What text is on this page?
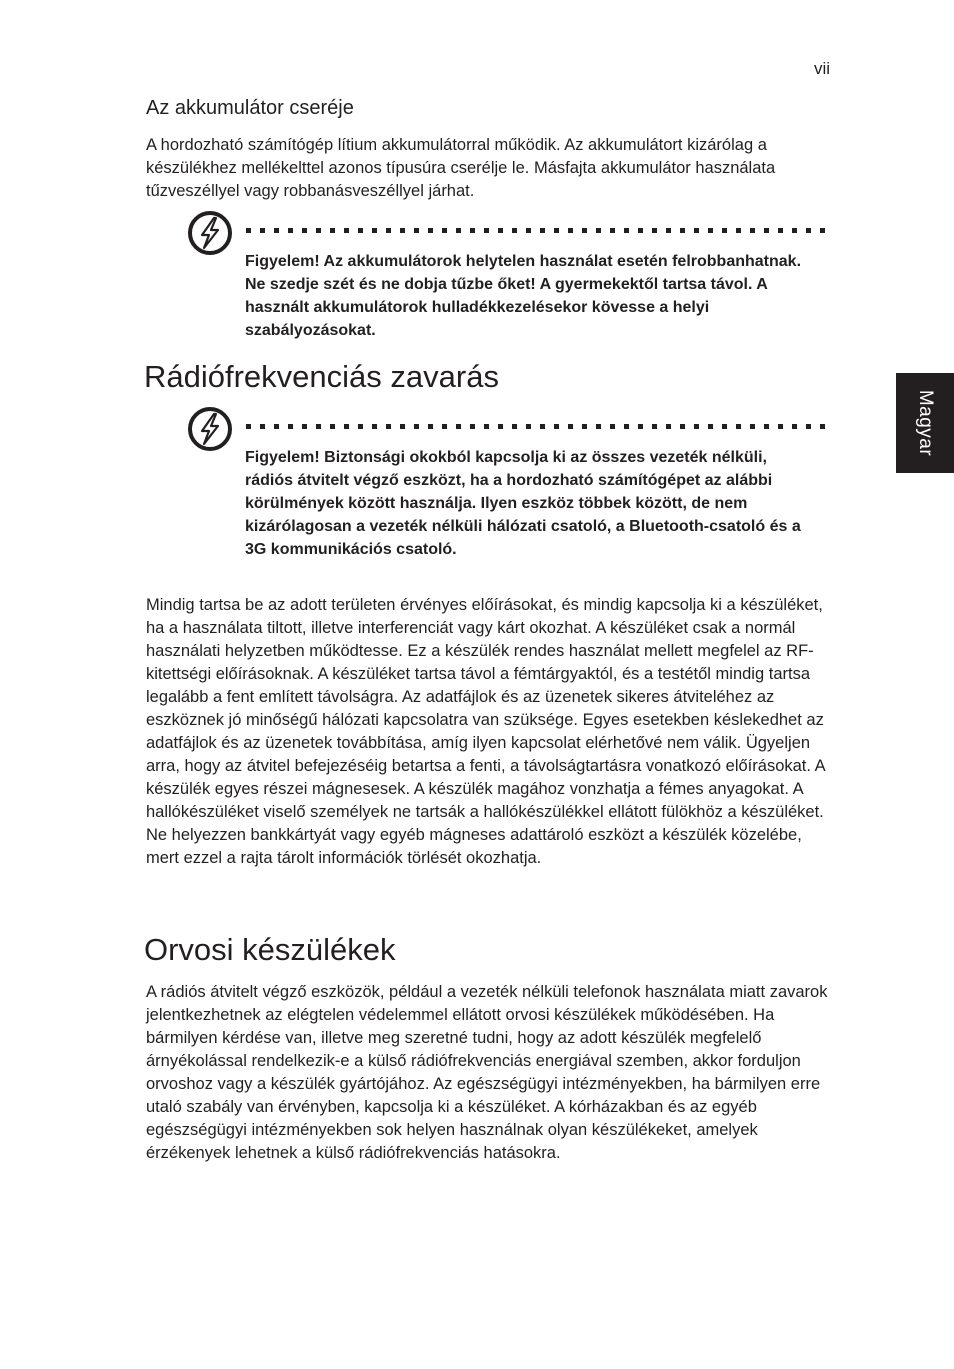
vii
Magyar
Az akkumulátor cseréje

A hordozható számítógép lítium akkumulátorral működik. Az akkumulátort kizárólag a készülékhez mellékelttel azonos típusúra cserélje le. Másfajta akkumulátor használata tűzveszéllyel vagy robbanásveszéllyel járhat.

Figyelem! Az akkumulátorok helytelen használat esetén felrobbanhatnak. Ne szedje szét és ne dobja tűzbe őket! A gyermekektől tartsa távol. A használt akkumulátorok hulladékkezelésekor kövesse a helyi szabályozásokat.

Rádiófrekvenciás zavarás

Figyelem! Biztonsági okokból kapcsolja ki az összes vezeték nélküli, rádiós átvitelt végző eszközt, ha a hordozható számítógépet az alábbi körülmények között használja. Ilyen eszköz többek között, de nem kizárólagosan a vezeték nélküli hálózati csatoló, a Bluetooth-csatoló és a 3G kommunikációs csatoló.

Mindig tartsa be az adott területen érvényes előírásokat, és mindig kapcsolja ki a készüléket, ha a használata tiltott, illetve interferenciát vagy kárt okozhat. A készüléket csak a normál használati helyzetben működtesse. Ez a készülék rendes használat mellett megfelel az RF-kitettségi előírásoknak. A készüléket tartsa távol a fémtárgyaktól, és a testétől mindig tartsa legalább a fent említett távolságra. Az adatfájlok és az üzenetek sikeres átviteléhez az eszköznek jó minőségű hálózati kapcsolatra van szüksége. Egyes esetekben késlekedhet az adatfájlok és az üzenetek továbbítása, amíg ilyen kapcsolat elérhetővé nem válik. Ügyeljen arra, hogy az átvitel befejezéséig betartsa a fenti, a távolságtartásra vonatkozó előírásokat. A készülék egyes részei mágnesesek. A készülék magához vonzhatja a fémes anyagokat. A hallókészüléket viselő személyek ne tartsák a hallókészülékkel ellátott fülökhöz a készüléket. Ne helyezzen bankkártyát vagy egyéb mágneses adattároló eszközt a készülék közelébe, mert ezzel a rajta tárolt információk törlését okozhatja.

Orvosi készülékek

A rádiós átvitelt végző eszközök, például a vezeték nélküli telefonok használata miatt zavarok jelentkezhetnek az elégtelen védelemmel ellátott orvosi készülékek működésében. Ha bármilyen kérdése van, illetve meg szeretné tudni, hogy az adott készülék megfelelő árnyékolással rendelkezik-e a külső rádiófrekvenciás energiával szemben, akkor forduljon orvoshoz vagy a készülék gyártójához. Az egészségügyi intézményekben, ha bármilyen erre utaló szabály van érvényben, kapcsolja ki a készüléket. A kórházakban és az egyéb egészségügyi intézményekben sok helyen használnak olyan készülékeket, amelyek érzékenyek lehetnek a külső rádiófrekvenciás hatásokra.
